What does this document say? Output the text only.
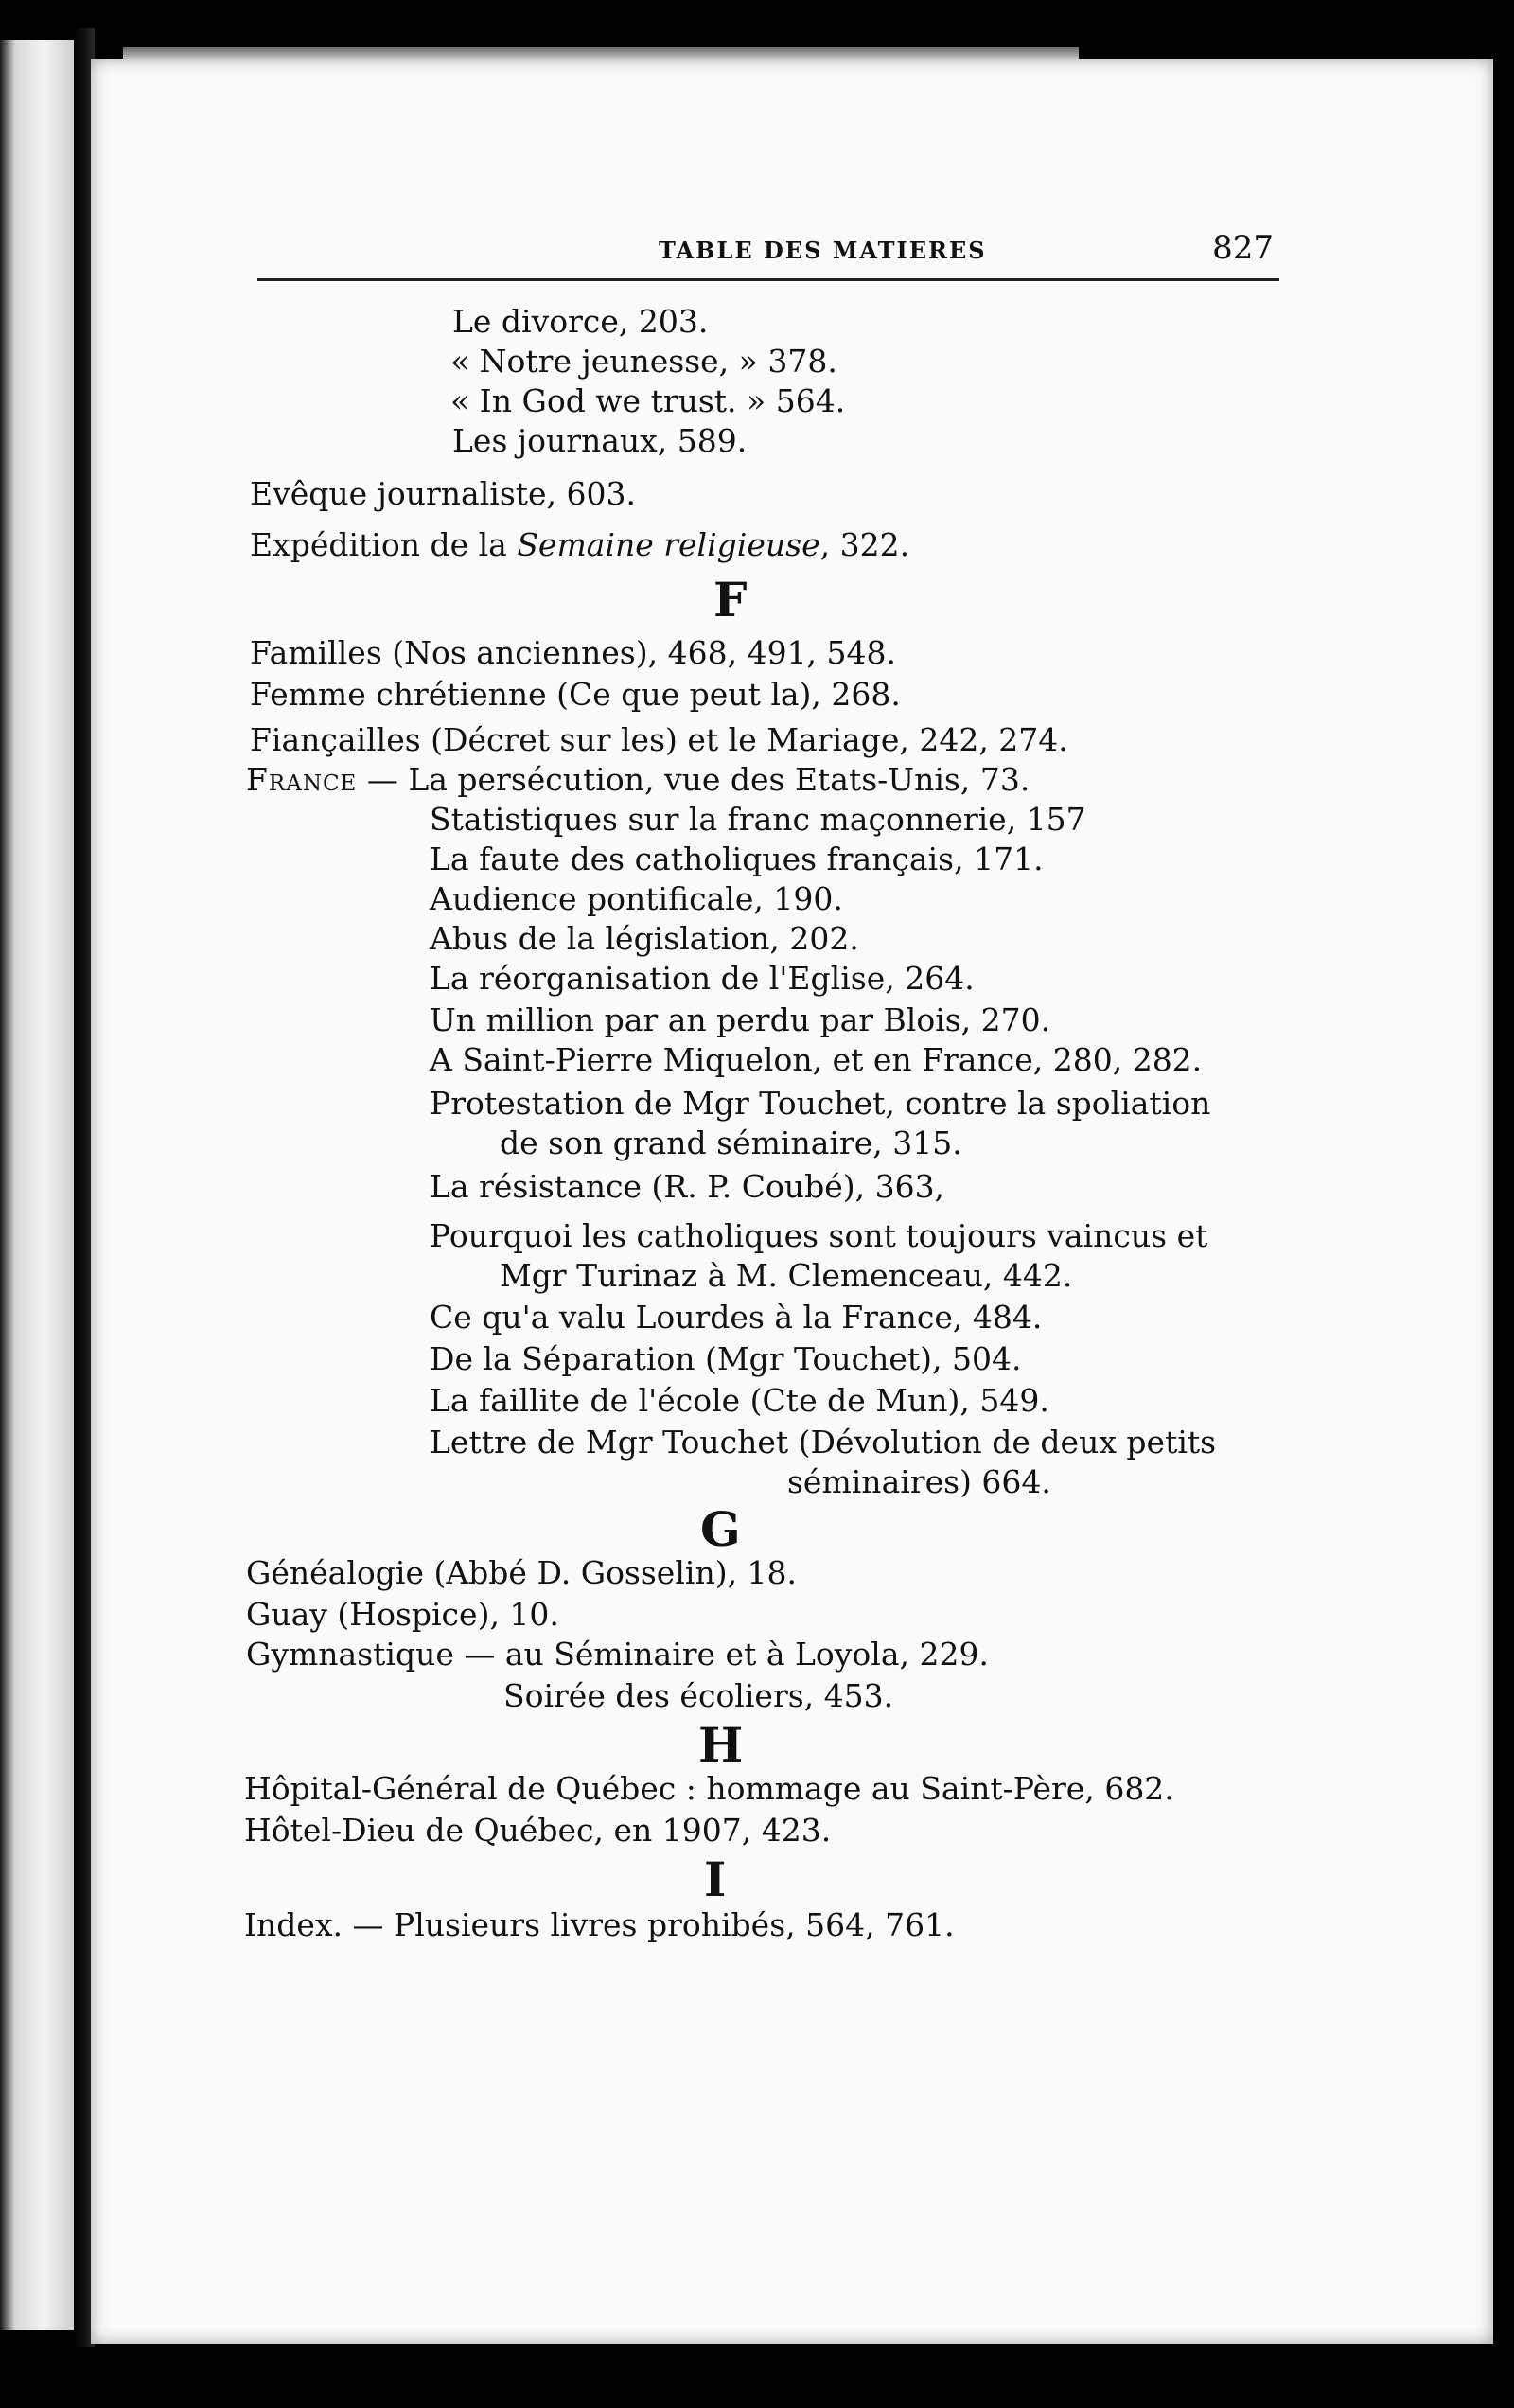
TABLE DES MATIERES	827
Le divorce, 203.
« Notre jeunesse, » 378.
« In God we trust. » 564.
Les journaux, 589.
Evêque journaliste, 603.
Expédition de la Semaine religieuse, 322.
F
Familles (Nos anciennes), 468, 491, 548.
Femme chrétienne (Ce que peut la), 268.
Fiançailles (Décret sur les) et le Mariage, 242, 274.
France — La persécution, vue des Etats-Unis, 73.
Statistiques sur la franc maçonnerie, 157
La faute des catholiques français, 171.
Audience pontificale, 190.
Abus de la législation, 202.
La réorganisation de l'Eglise, 264.
Un million par an perdu par Blois, 270.
A Saint-Pierre Miquelon, et en France, 280, 282.
Protestation de Mgr Touchet, contre la spoliation
de son grand séminaire, 315.
La résistance (R. P. Coubé), 363,
Pourquoi les catholiques sont toujours vaincus et
Mgr Turinaz à M. Clemenceau, 442.
Ce qu'a valu Lourdes à la France, 484.
De la Séparation (Mgr Touchet), 504.
La faillite de l'école (Cte de Mun), 549.
Lettre de Mgr Touchet (Dévolution de deux petits
séminaires) 664.
G
Généalogie (Abbé D. Gosselin), 18.
Guay (Hospice), 10.
Gymnastique — au Séminaire et à Loyola, 229.
Soirée des écoliers, 453.
H
Hôpital-Général de Québec : hommage au Saint-Père, 682.
Hôtel-Dieu de Québec, en 1907, 423.
I
Index. — Plusieurs livres prohibés, 564, 761.
